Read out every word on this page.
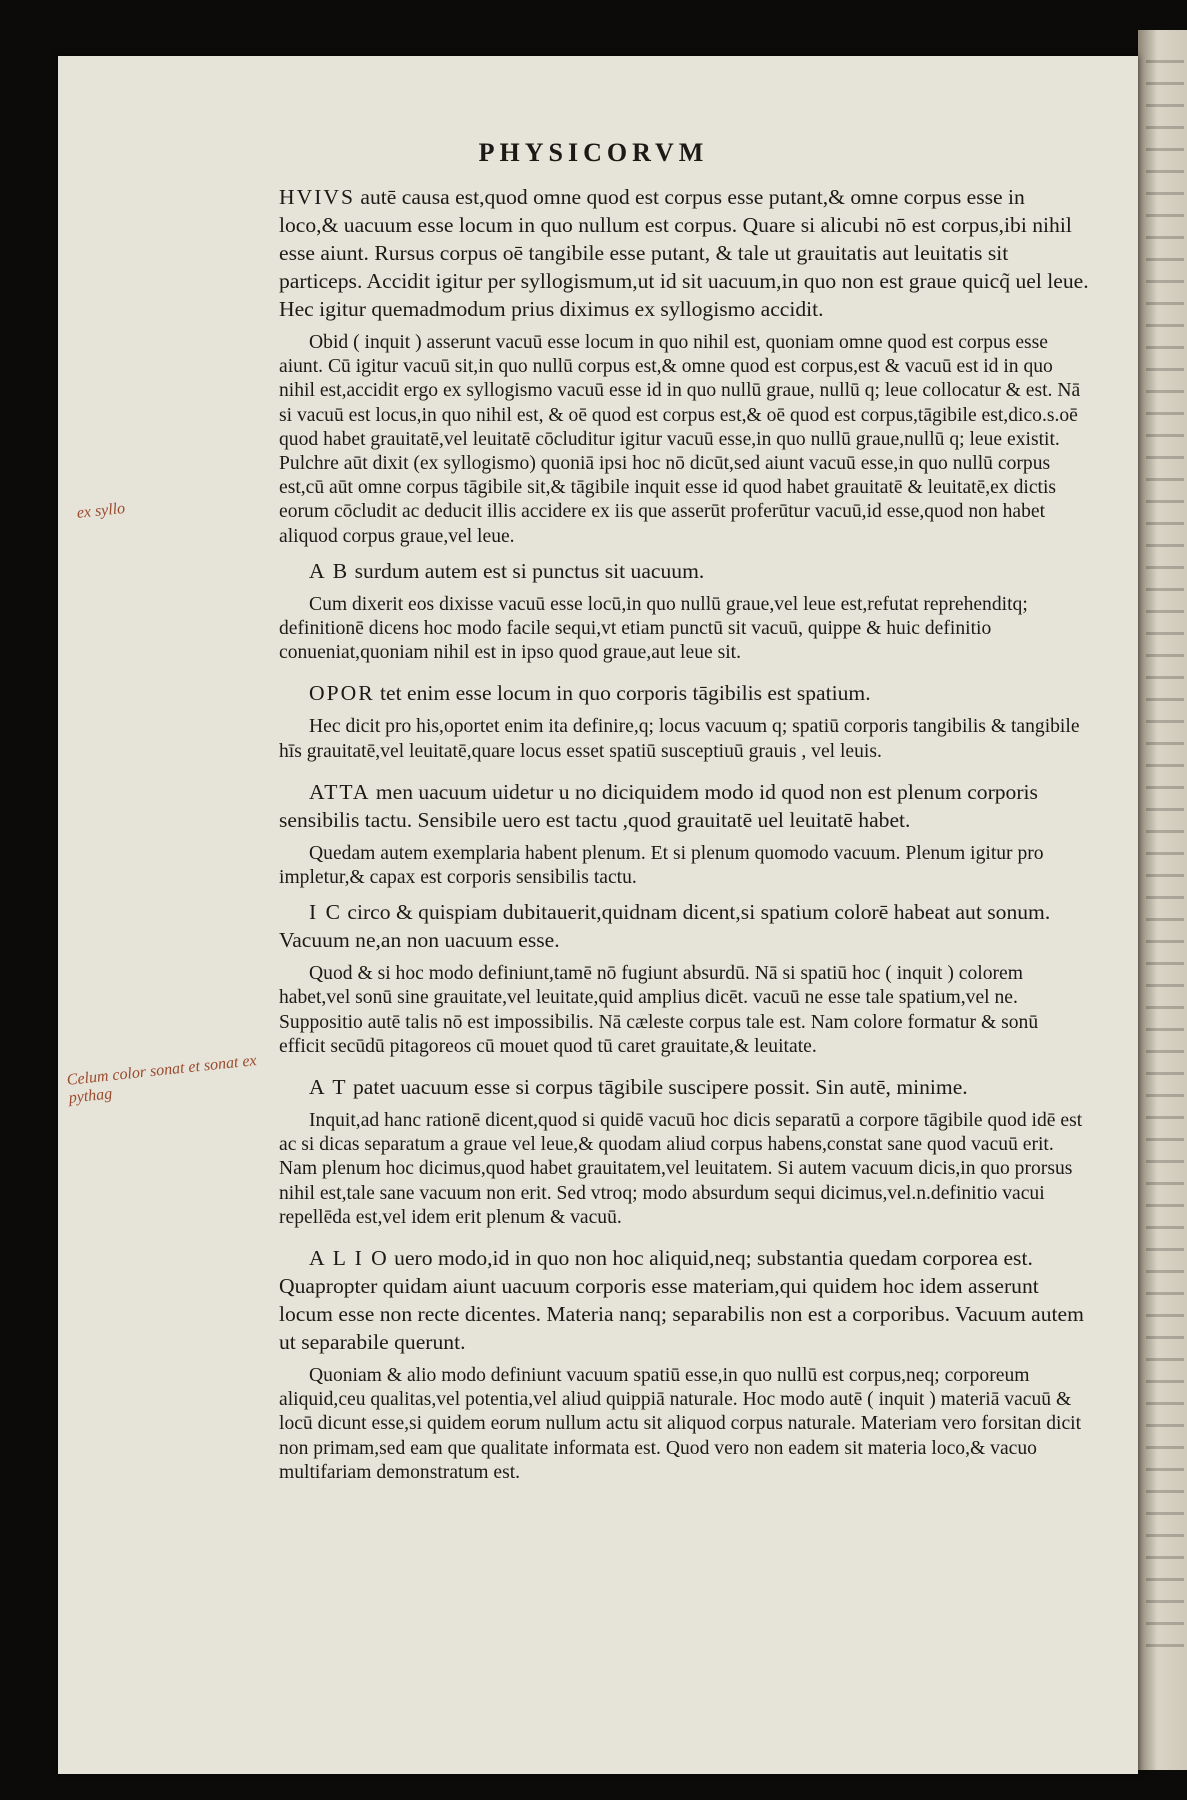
PHYSICORVM
ex syllo
Celum color sonat et sonat ex pythag

HVIVS autē causa est,quod omne quod est corpus esse putant,& omne corpus esse in loco,& uacuum esse locum in quo nullum est corpus. Quare si alicubi nō est corpus,ibi nihil esse aiunt. Rursus corpus oē tangibile esse putant, & tale ut grauitatis aut leuitatis sit particeps. Accidit igitur per syllogismum,ut id sit uacuum,in quo non est graue quicq̃ uel leue. Hec igitur quemadmodum prius diximus ex syllogismo accidit.

Obid ( inquit ) asserunt vacuū esse locum in quo nihil est, quoniam omne quod est corpus esse aiunt. Cū igitur vacuū sit,in quo nullū corpus est,& omne quod est corpus,est & vacuū est id in quo nihil est,accidit ergo ex syllogismo vacuū esse id in quo nullū graue, nullū q; leue collocatur & est. Nā si vacuū est locus,in quo nihil est, & oē quod est corpus est,& oē quod est corpus,tāgibile est,dico.s.oē quod habet grauitatē,vel leuitatē cōcluditur igitur vacuū esse,in quo nullū graue,nullū q; leue existit. Pulchre aūt dixit (ex syllogismo) quoniā ipsi hoc nō dicūt,sed aiunt vacuū esse,in quo nullū corpus est,cū aūt omne corpus tāgibile sit,& tāgibile inquit esse id quod habet grauitatē & leuitatē,ex dictis eorum cōcludit ac deducit illis accidere ex iis que asserūt proferūtur vacuū,id esse,quod non habet aliquod corpus graue,vel leue.

A B surdum autem est si punctus sit uacuum.

Cum dixerit eos dixisse vacuū esse locū,in quo nullū graue,vel leue est,refutat reprehenditq; definitionē dicens hoc modo facile sequi,vt etiam punctū sit vacuū, quippe & huic definitio conueniat,quoniam nihil est in ipso quod graue,aut leue sit.

OPOR tet enim esse locum in quo corporis tāgibilis est spatium.

Hec dicit pro his,oportet enim ita definire,q; locus vacuum q; spatiū corporis tangibilis & tangibile hīs grauitatē,vel leuitatē,quare locus esset spatiū susceptiuū grauis , vel leuis.

ATTA men uacuum uidetur u no diciquidem modo id quod non est plenum corporis sensibilis tactu. Sensibile uero est tactu ,quod grauitatē uel leuitatē habet.

Quedam autem exemplaria habent plenum. Et si plenum quomodo vacuum. Plenum igitur pro impletur,& capax est corporis sensibilis tactu.

I C circo & quispiam dubitauerit,quidnam dicent,si spatium colorē habeat aut sonum. Vacuum ne,an non uacuum esse.

Quod & si hoc modo definiunt,tamē nō fugiunt absurdū. Nā si spatiū hoc ( inquit ) colorem habet,vel sonū sine grauitate,vel leuitate,quid amplius dicēt. vacuū ne esse tale spatium,vel ne. Suppositio autē talis nō est impossibilis. Nā cæleste corpus tale est. Nam colore formatur & sonū efficit secūdū pitagoreos cū mouet quod tū caret grauitate,& leuitate.

A T patet uacuum esse si corpus tāgibile suscipere possit. Sin autē, minime.

Inquit,ad hanc rationē dicent,quod si quidē vacuū hoc dicis separatū a corpore tāgibile quod idē est ac si dicas separatum a graue vel leue,& quodam aliud corpus habens,constat sane quod vacuū erit. Nam plenum hoc dicimus,quod habet grauitatem,vel leuitatem. Si autem vacuum dicis,in quo prorsus nihil est,tale sane vacuum non erit. Sed vtroq; modo absurdum sequi dicimus,vel.n.definitio vacui repellēda est,vel idem erit plenum & vacuū.

A L I O uero modo,id in quo non hoc aliquid,neq; substantia quedam corporea est. Quapropter quidam aiunt uacuum corporis esse materiam,qui quidem hoc idem asserunt locum esse non recte dicentes. Materia nanq; separabilis non est a corporibus. Vacuum autem ut separabile querunt.

Quoniam & alio modo definiunt vacuum spatiū esse,in quo nullū est corpus,neq; corporeum aliquid,ceu qualitas,vel potentia,vel aliud quippiā naturale. Hoc modo autē ( inquit ) materiā vacuū & locū dicunt esse,si quidem eorum nullum actu sit aliquod corpus naturale. Materiam vero forsitan dicit non primam,sed eam que qualitate informata est. Quod vero non eadem sit materia loco,& vacuo multifariam demonstratum est.
